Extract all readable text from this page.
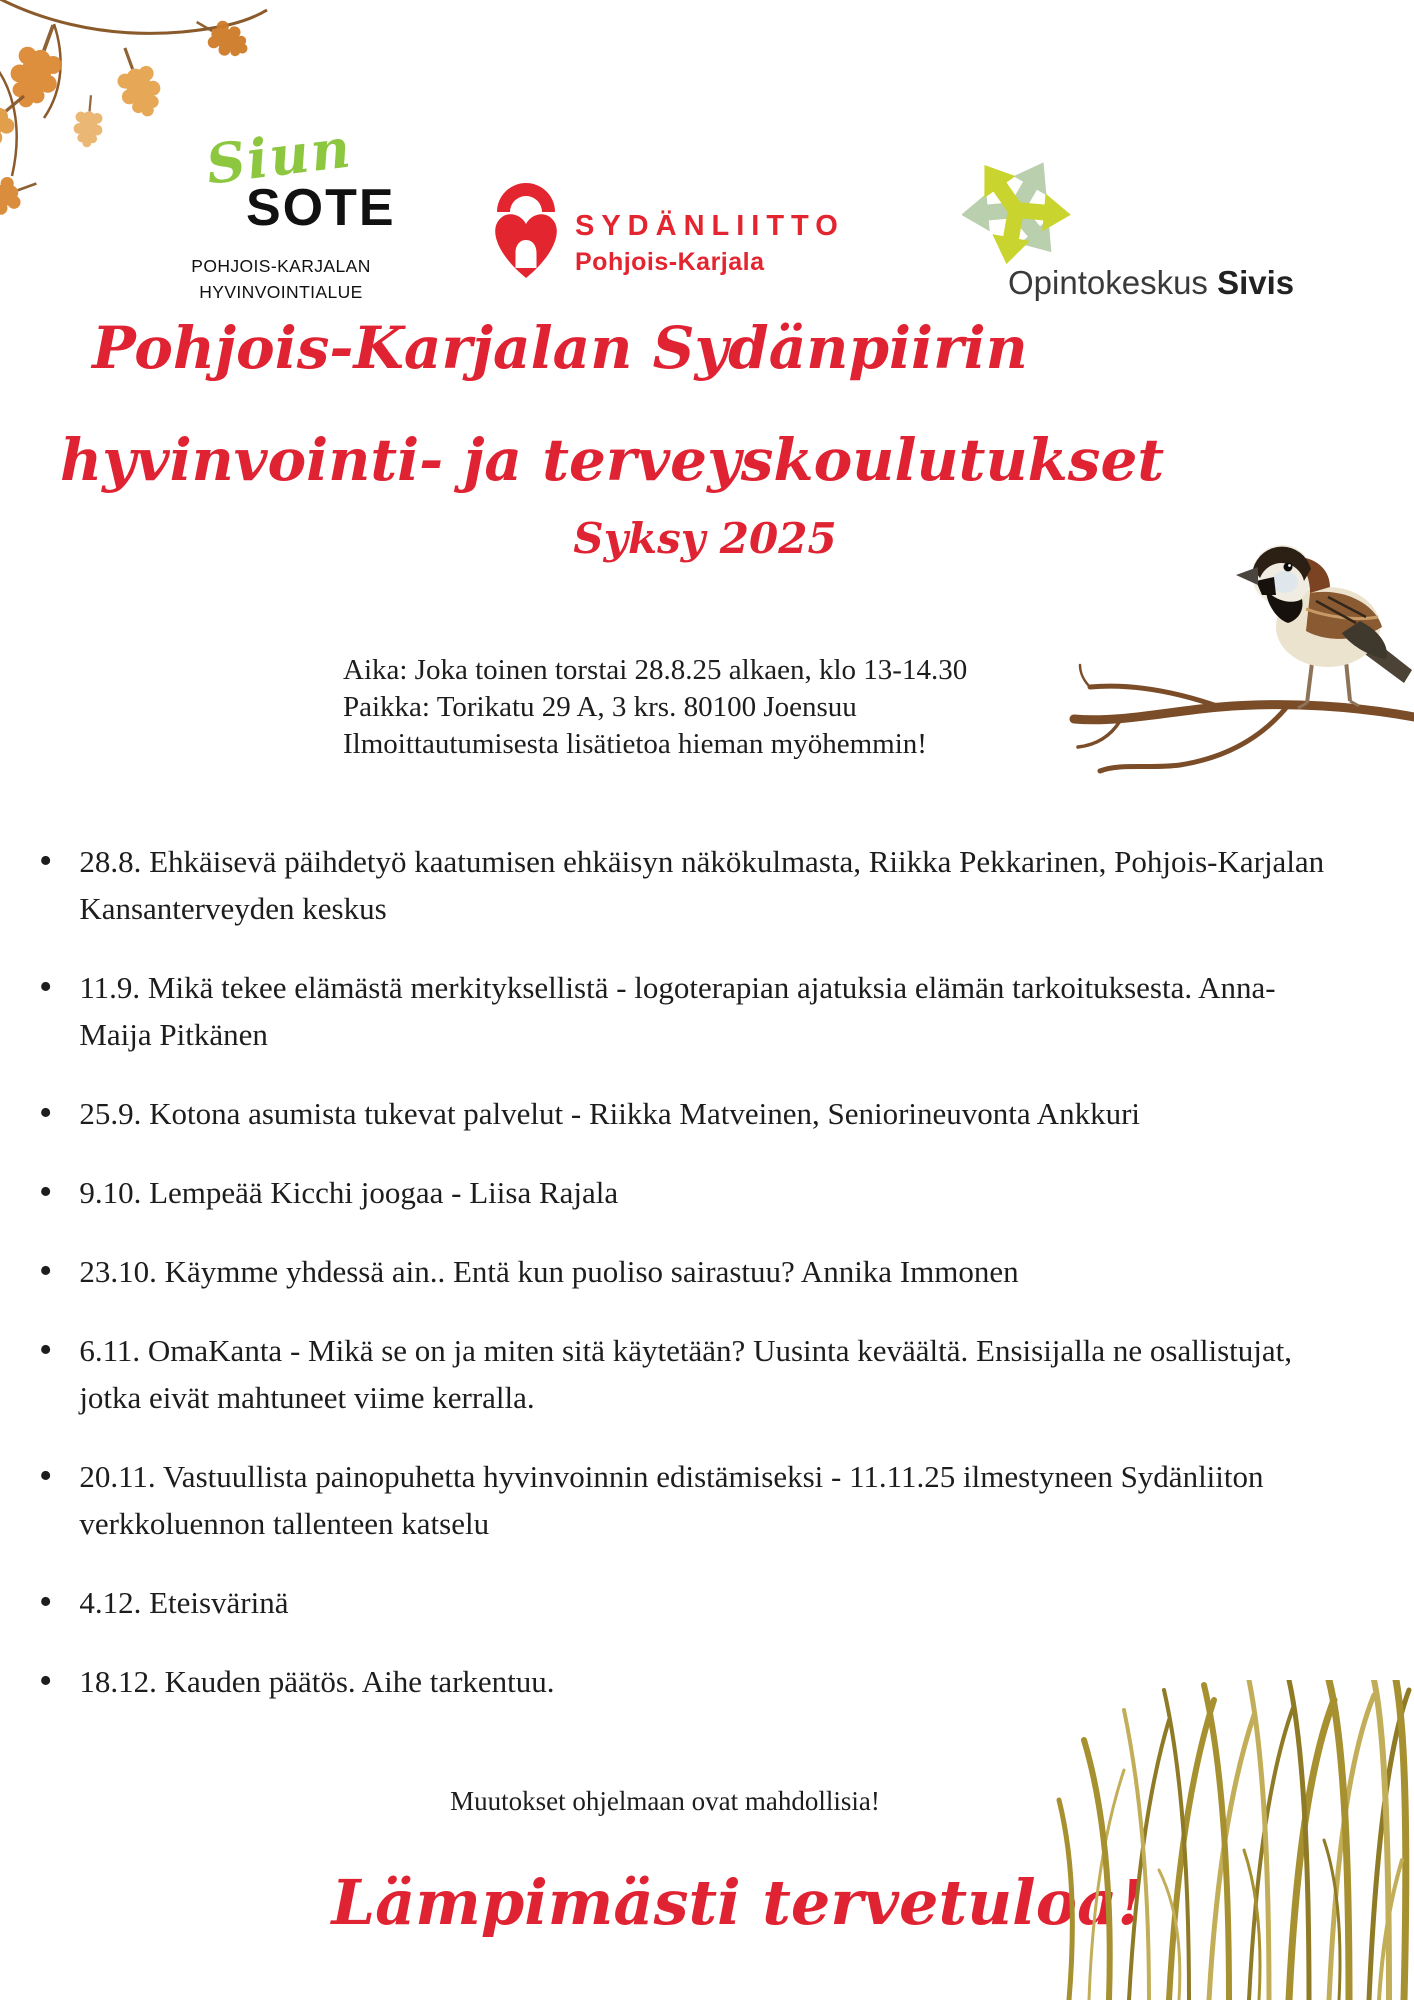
Siun
SOTE
POHJOIS-KARJALAN
HYVINVOINTIALUE
SYDÄNLIITTO
Pohjois-Karjala
Opintokeskus Sivis
Pohjois-Karjalan Sydänpiirin
hyvinvointi- ja terveyskoulutukset
Syksy 2025
Aika: Joka toinen torstai 28.8.25 alkaen, klo 13-14.30
Paikka: Torikatu 29 A, 3 krs. 80100 Joensuu
Ilmoittautumisesta lisätietoa hieman myöhemmin!
• 28.8. Ehkäisevä päihdetyö kaatumisen ehkäisyn näkökulmasta, Riikka Pekkarinen, Pohjois-Karjalan Kansanterveyden keskus
• 11.9. Mikä tekee elämästä merkityksellistä - logoterapian ajatuksia elämän tarkoituksesta. Anna-Maija Pitkänen
• 25.9. Kotona asumista tukevat palvelut - Riikka Matveinen, Seniorineuvonta Ankkuri
• 9.10. Lempeää Kicchi joogaa - Liisa Rajala
• 23.10. Käymme yhdessä ain.. Entä kun puoliso sairastuu? Annika Immonen
• 6.11. OmaKanta - Mikä se on ja miten sitä käytetään? Uusinta keväältä. Ensisijalla ne osallistujat, jotka eivät mahtuneet viime kerralla.
• 20.11. Vastuullista painopuhetta hyvinvoinnin edistämiseksi - 11.11.25 ilmestyneen Sydänliiton verkkoluennon tallenteen katselu
• 4.12. Eteisvärinä
• 18.12. Kauden päätös. Aihe tarkentuu.
Muutokset ohjelmaan ovat mahdollisia!
Lämpimästi tervetuloa!
